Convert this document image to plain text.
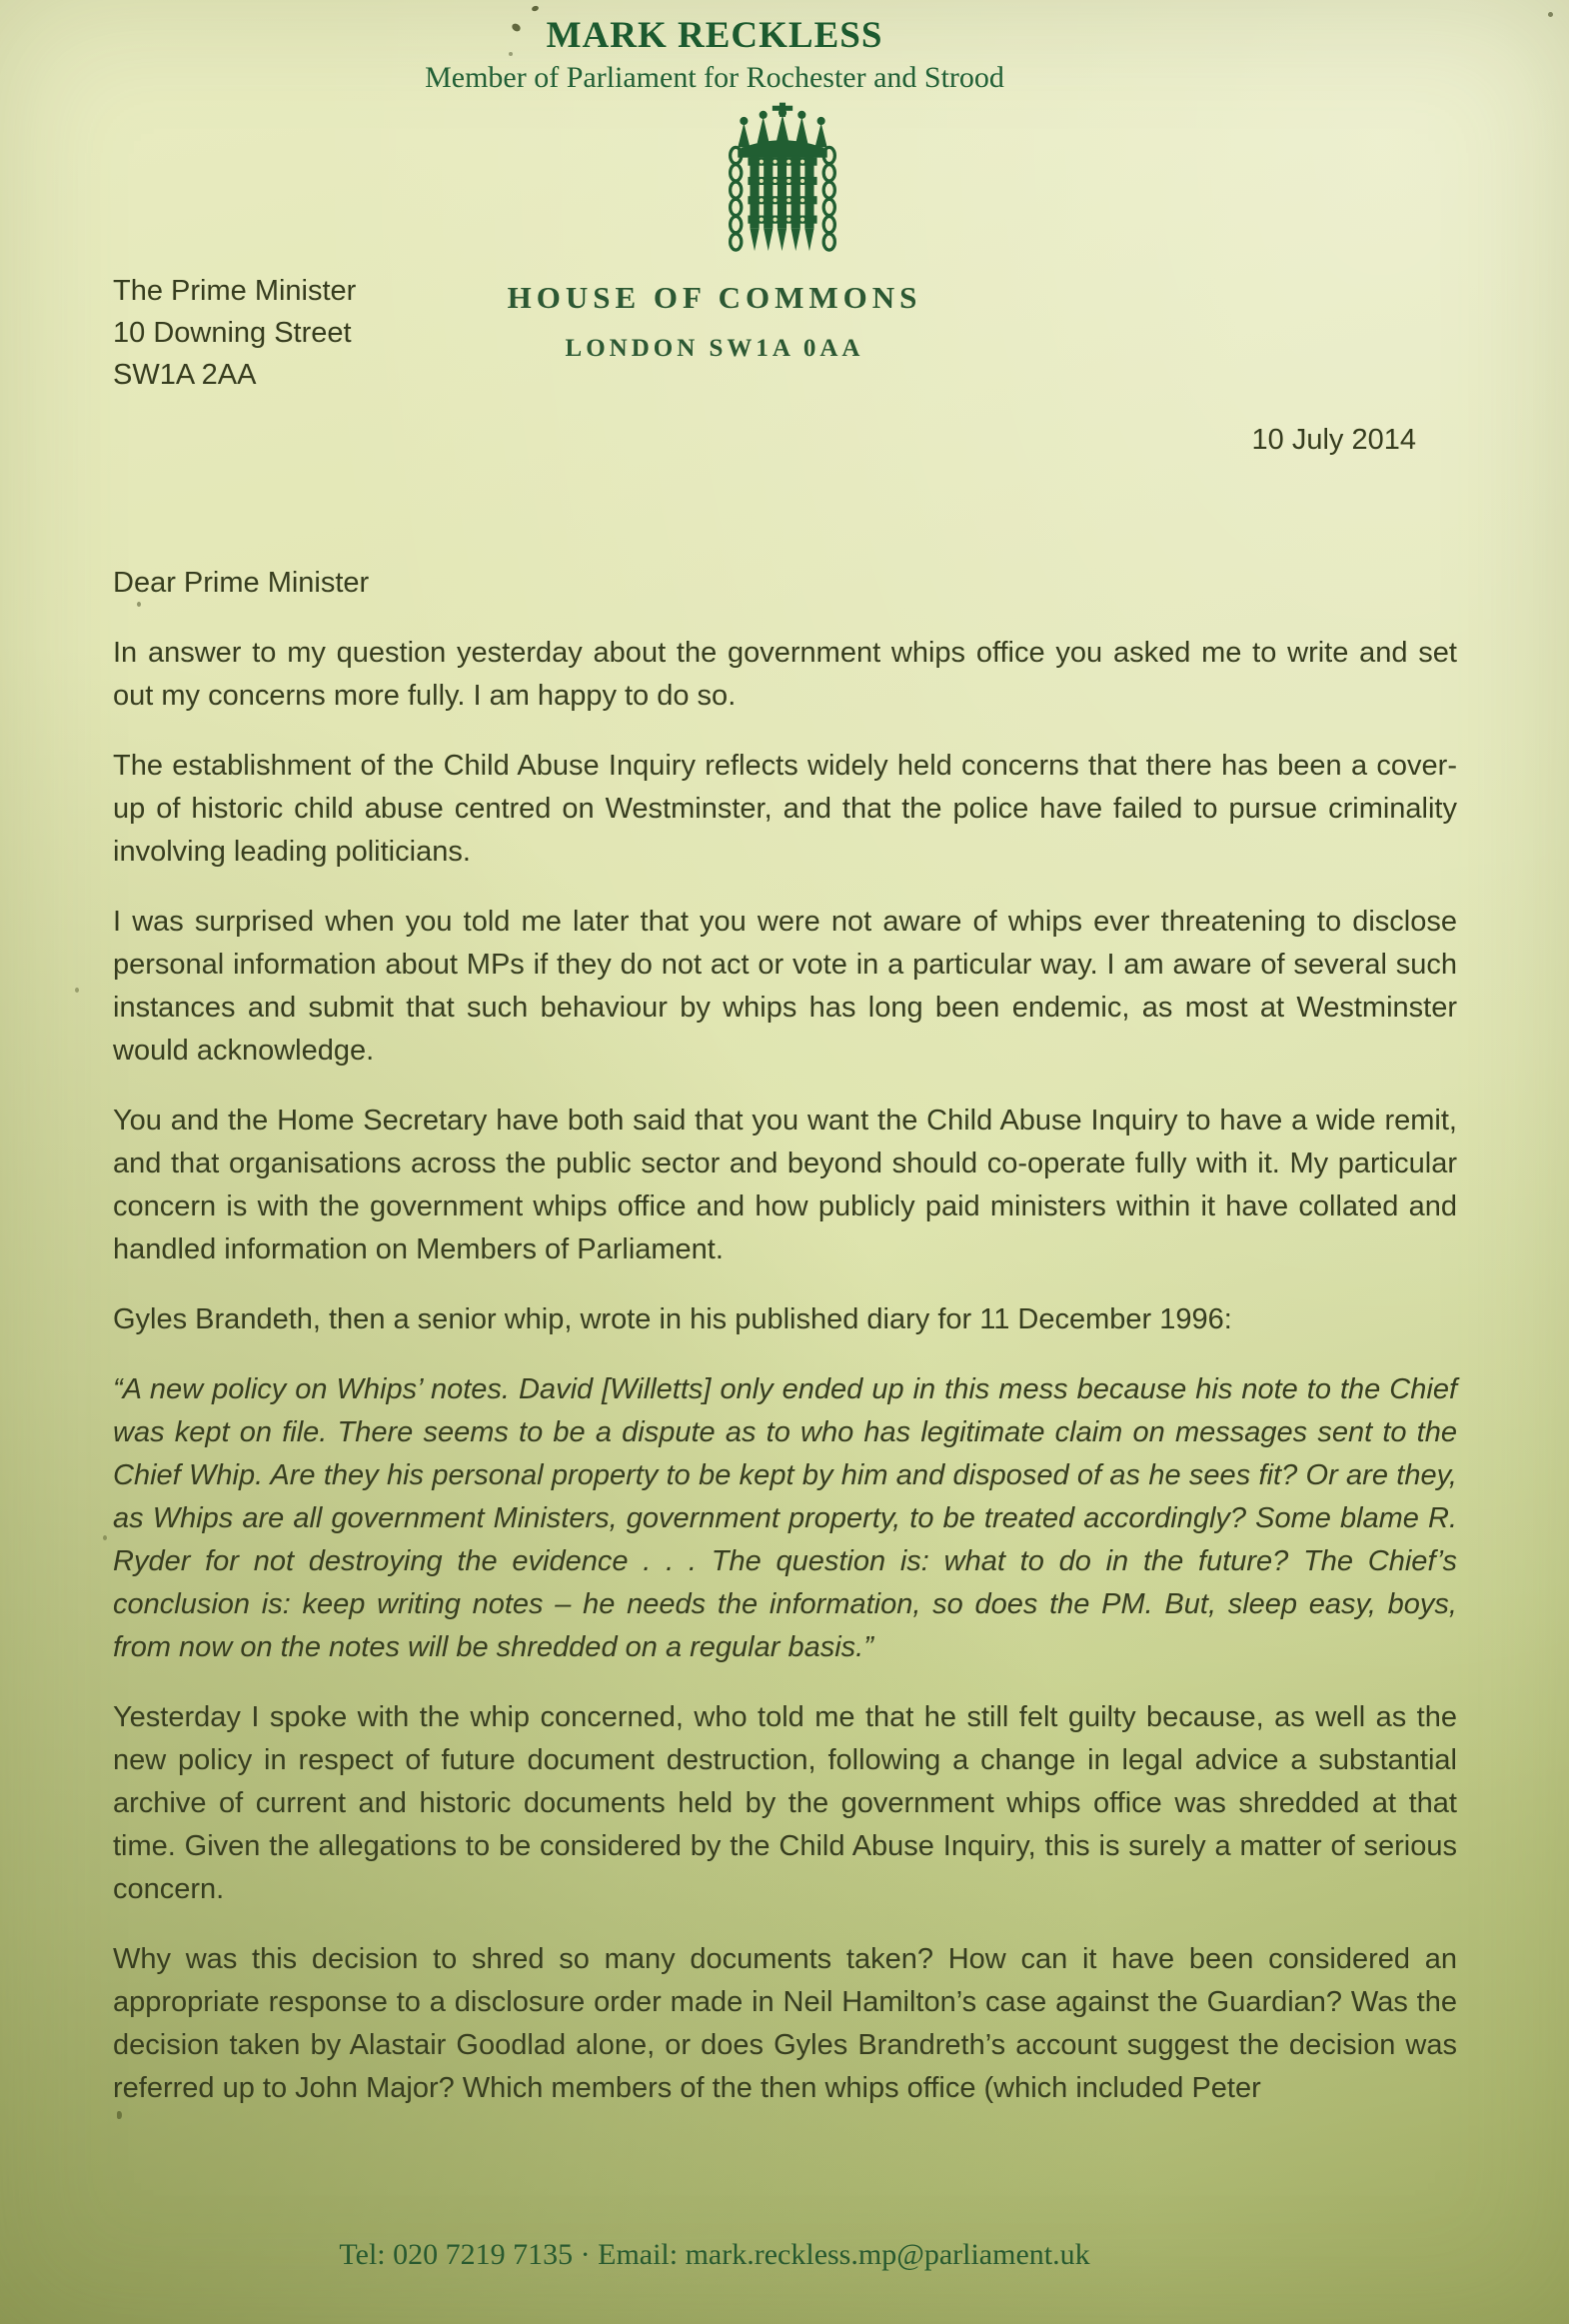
MARK RECKLESS
Member of Parliament for Rochester and Strood
HOUSE OF COMMONS
LONDON SW1A 0AA
The Prime Minister
10 Downing Street
SW1A 2AA
10 July 2014

Dear Prime Minister

In answer to my question yesterday about the government whips office you asked me to write and set out my concerns more fully. I am happy to do so.

The establishment of the Child Abuse Inquiry reflects widely held concerns that there has been a cover-up of historic child abuse centred on Westminster, and that the police have failed to pursue criminality involving leading politicians.

I was surprised when you told me later that you were not aware of whips ever threatening to disclose personal information about MPs if they do not act or vote in a particular way. I am aware of several such instances and submit that such behaviour by whips has long been endemic, as most at Westminster would acknowledge.

You and the Home Secretary have both said that you want the Child Abuse Inquiry to have a wide remit, and that organisations across the public sector and beyond should co-operate fully with it. My particular concern is with the government whips office and how publicly paid ministers within it have collated and handled information on Members of Parliament.

Gyles Brandeth, then a senior whip, wrote in his published diary for 11 December 1996:

“A new policy on Whips’ notes. David [Willetts] only ended up in this mess because his note to the Chief was kept on file. There seems to be a dispute as to who has legitimate claim on messages sent to the Chief Whip. Are they his personal property to be kept by him and disposed of as he sees fit? Or are they, as Whips are all government Ministers, government property, to be treated accordingly? Some blame R. Ryder for not destroying the evidence . . . The question is: what to do in the future? The Chief’s conclusion is: keep writing notes – he needs the information, so does the PM. But, sleep easy, boys, from now on the notes will be shredded on a regular basis.”

Yesterday I spoke with the whip concerned, who told me that he still felt guilty because, as well as the new policy in respect of future document destruction, following a change in legal advice a substantial archive of current and historic documents held by the government whips office was shredded at that time. Given the allegations to be considered by the Child Abuse Inquiry, this is surely a matter of serious concern.

Why was this decision to shred so many documents taken? How can it have been considered an appropriate response to a disclosure order made in Neil Hamilton’s case against the Guardian? Was the decision taken by Alastair Goodlad alone, or does Gyles Brandreth’s account suggest the decision was referred up to John Major? Which members of the then whips office (which included Peter

Tel: 020 7219 7135 · Email: mark.reckless.mp@parliament.uk
